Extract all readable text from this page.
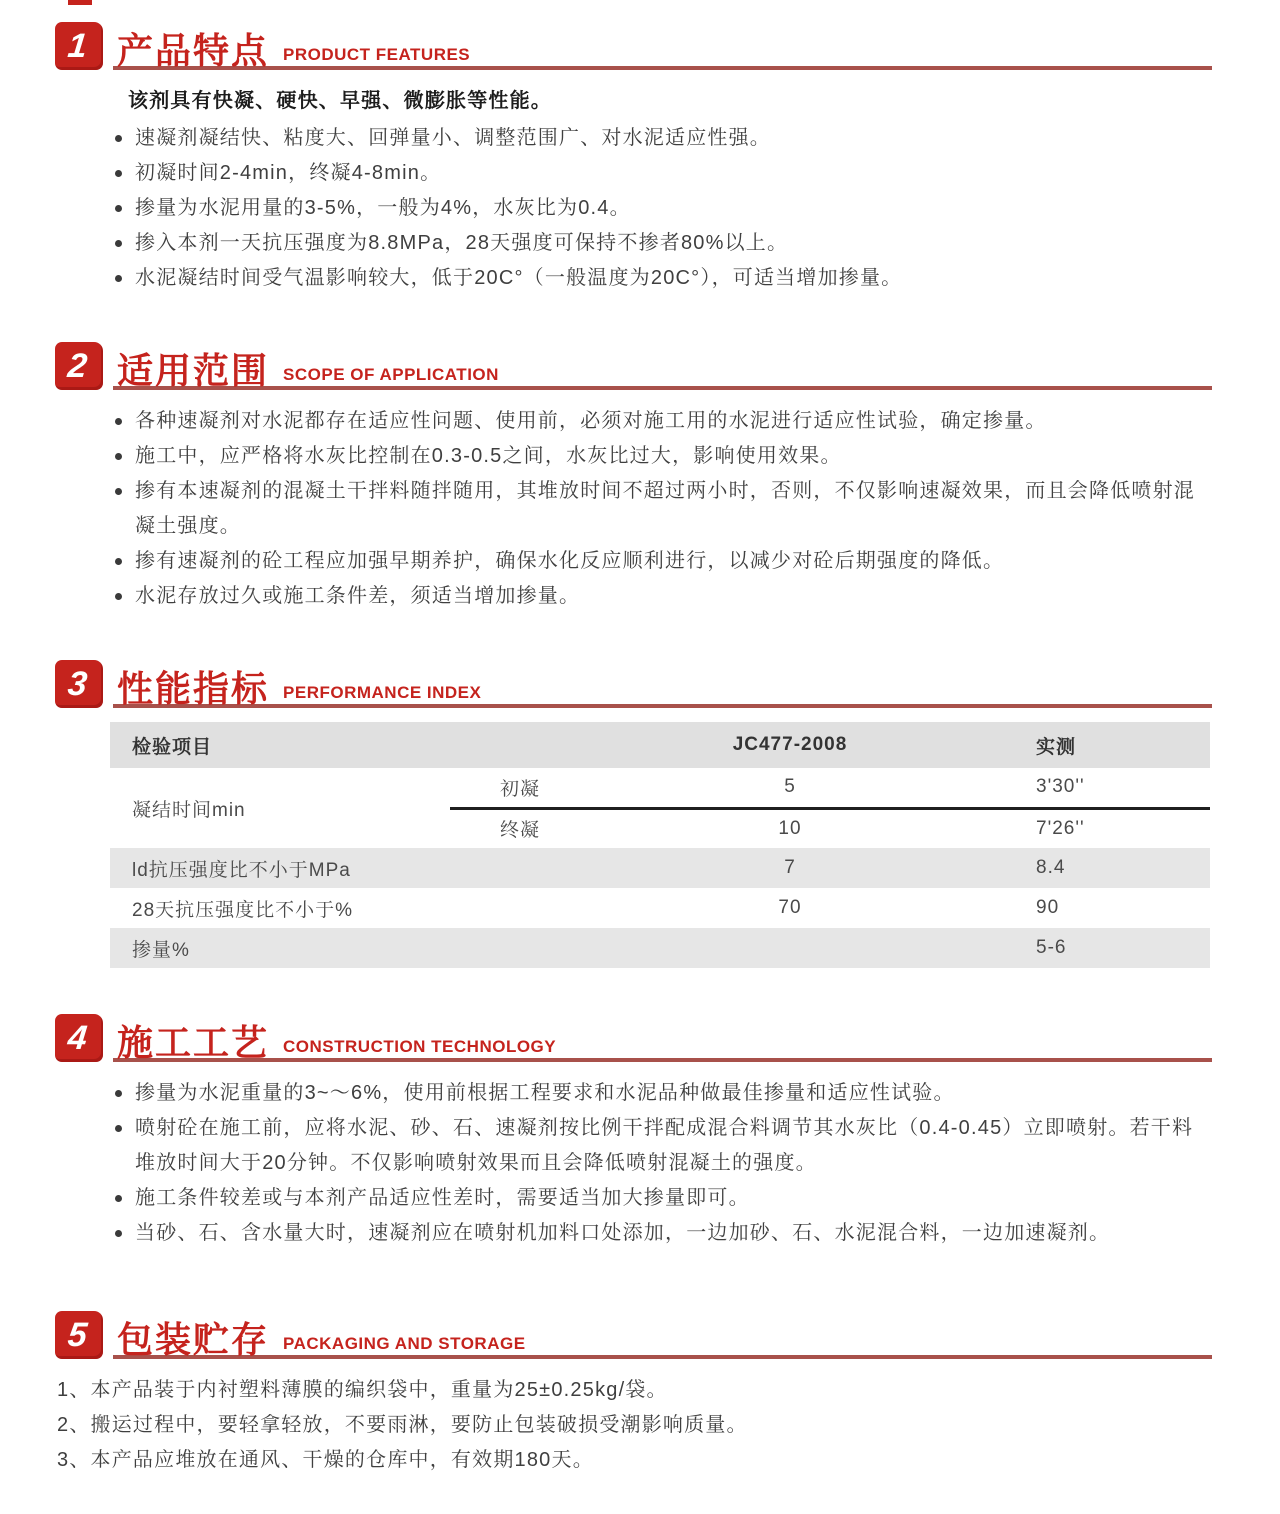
1 产品特点 PRODUCT FEATURES
该剂具有快凝、硬快、早强、微膨胀等性能。
速凝剂凝结快、粘度大、回弹量小、调整范围广、对水泥适应性强。
初凝时间2-4min，终凝4-8min。
掺量为水泥用量的3-5%，一般为4%，水灰比为0.4。
掺入本剂一天抗压强度为8.8MPa，28天强度可保持不掺者80%以上。
水泥凝结时间受气温影响较大，低于20C°（一般温度为20C°），可适当增加掺量。
2 适用范围 SCOPE OF APPLICATION
各种速凝剂对水泥都存在适应性问题、使用前，必须对施工用的水泥进行适应性试验，确定掺量。
施工中，应严格将水灰比控制在0.3-0.5之间，水灰比过大，影响使用效果。
掺有本速凝剂的混凝土干拌料随拌随用，其堆放时间不超过两小时，否则，不仅影响速凝效果，而且会降低喷射混凝土强度。
掺有速凝剂的砼工程应加强早期养护，确保水化反应顺利进行，以减少对砼后期强度的降低。
水泥存放过久或施工条件差，须适当增加掺量。
3 性能指标 PERFORMANCE INDEX
检验项目		JC477-2008	实测
凝结时间min	初凝	5	3'30''
	终凝	10	7'26''
ld抗压强度比不小于MPa		7	8.4
28天抗压强度比不小于%		70	90
掺量%			5-6
4 施工工艺 CONSTRUCTION TECHNOLOGY
掺量为水泥重量的3~～6%，使用前根据工程要求和水泥品种做最佳掺量和适应性试验。
喷射砼在施工前，应将水泥、砂、石、速凝剂按比例干拌配成混合料调节其水灰比（0.4-0.45）立即喷射。若干料堆放时间大于20分钟。不仅影响喷射效果而且会降低喷射混凝土的强度。
施工条件较差或与本剂产品适应性差时，需要适当加大掺量即可。
当砂、石、含水量大时，速凝剂应在喷射机加料口处添加，一边加砂、石、水泥混合料，一边加速凝剂。
5 包装贮存 PACKAGING AND STORAGE
1、本产品装于内衬塑料薄膜的编织袋中，重量为25±0.25kg/袋。
2、搬运过程中，要轻拿轻放，不要雨淋，要防止包装破损受潮影响质量。
3、本产品应堆放在通风、干燥的仓库中，有效期180天。
